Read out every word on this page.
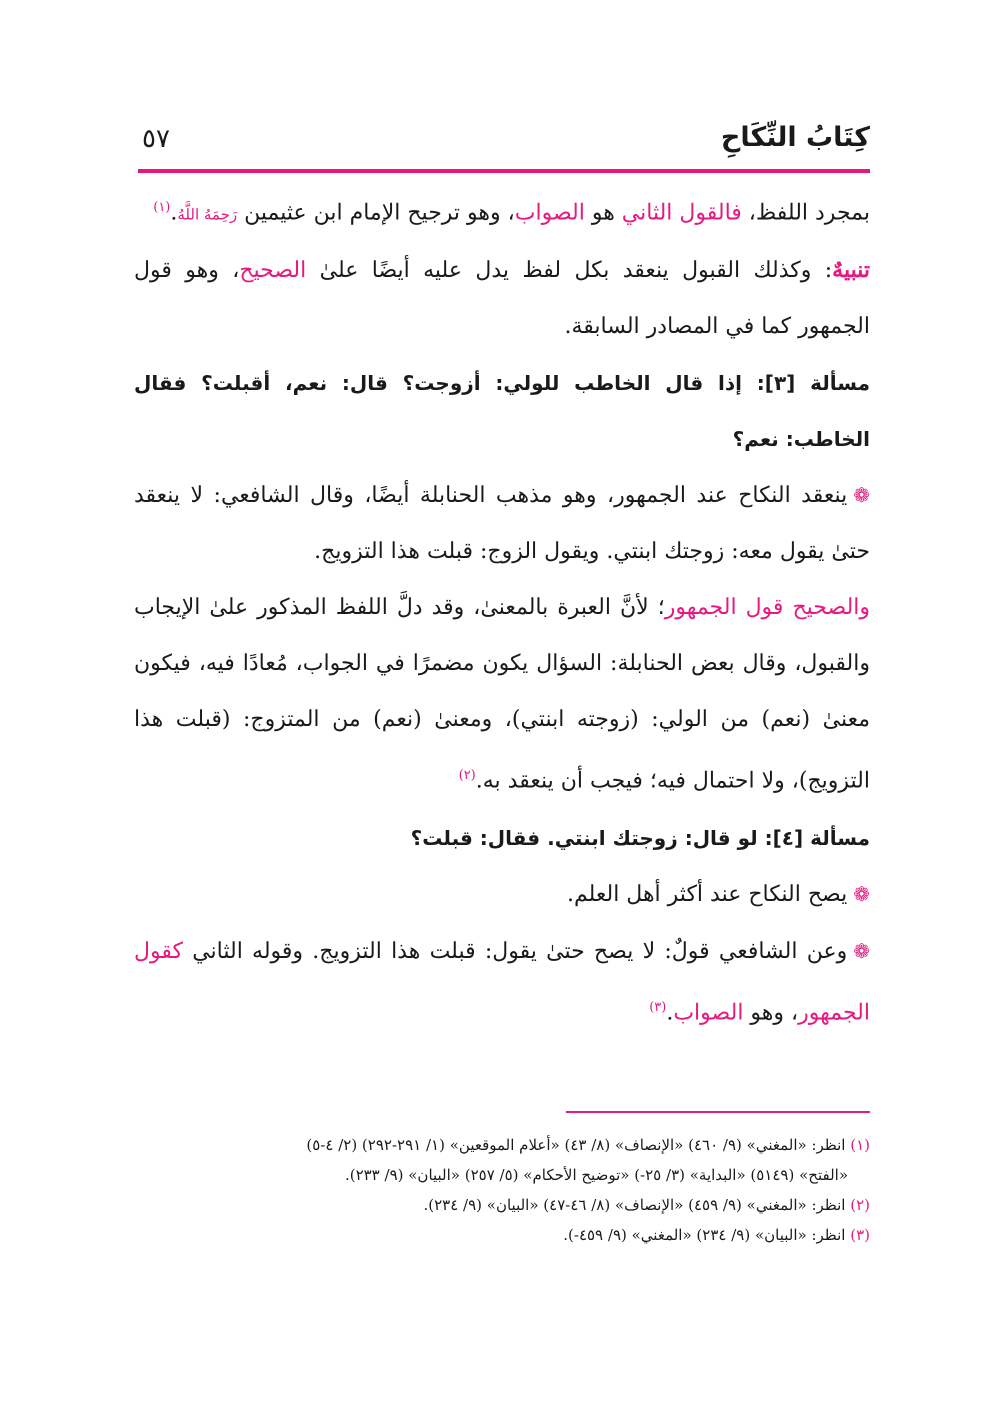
كِتَابُ النِّكَاحِ
٥٧

بمجرد اللفظ، فالقول الثاني هو الصواب، وهو ترجيح الإمام ابن عثيمين رَحِمَهُ اللَّهُ.$^{(١)}$

تنبيهٌ: وكذلك القبول ينعقد بكل لفظ يدل عليه أيضًا علىٰ الصحيح، وهو قول الجمهور كما في المصادر السابقة.

مسألة [٣]: إذا قال الخاطب للولي: أزوجت؟ قال: نعم، أقبلت؟ فقال الخاطب: نعم؟

❁ينعقد النكاح عند الجمهور، وهو مذهب الحنابلة أيضًا، وقال الشافعي: لا ينعقد حتىٰ يقول معه: زوجتك ابنتي. ويقول الزوج: قبلت هذا التزويج.

والصحيح قول الجمهور؛ لأنَّ العبرة بالمعنىٰ، وقد دلَّ اللفظ المذكور علىٰ الإيجاب والقبول، وقال بعض الحنابلة: السؤال يكون مضمرًا في الجواب، مُعادًا فيه، فيكون معنىٰ (نعم) من الولي: (زوجته ابنتي)، ومعنىٰ (نعم) من المتزوج: (قبلت هذا التزويج)، ولا احتمال فيه؛ فيجب أن ينعقد به.$^{(٢)}$

مسألة [٤]: لو قال: زوجتك ابنتي. فقال: قبلت؟

❁يصح النكاح عند أكثر أهل العلم.

❁وعن الشافعي قولٌ: لا يصح حتىٰ يقول: قبلت هذا التزويج. وقوله الثاني كقول الجمهور، وهو الصواب.$^{(٣)}$

(١) انظر: «المغني» (٩/ ٤٦٠) «الإنصاف» (٨/ ٤٣) «أعلام الموقعين» (١/ ٢٩١-٢٩٢) (٢/ ٤-٥)

«الفتح» (٥١٤٩) «البداية» (٣/ ٢٥-) «توضيح الأحكام» (٥/ ٢٥٧) «البيان» (٩/ ٢٣٣).

(٢) انظر: «المغني» (٩/ ٤٥٩) «الإنصاف» (٨/ ٤٦-٤٧) «البيان» (٩/ ٢٣٤).

(٣) انظر: «البيان» (٩/ ٢٣٤) «المغني» (٩/ ٤٥٩-).
